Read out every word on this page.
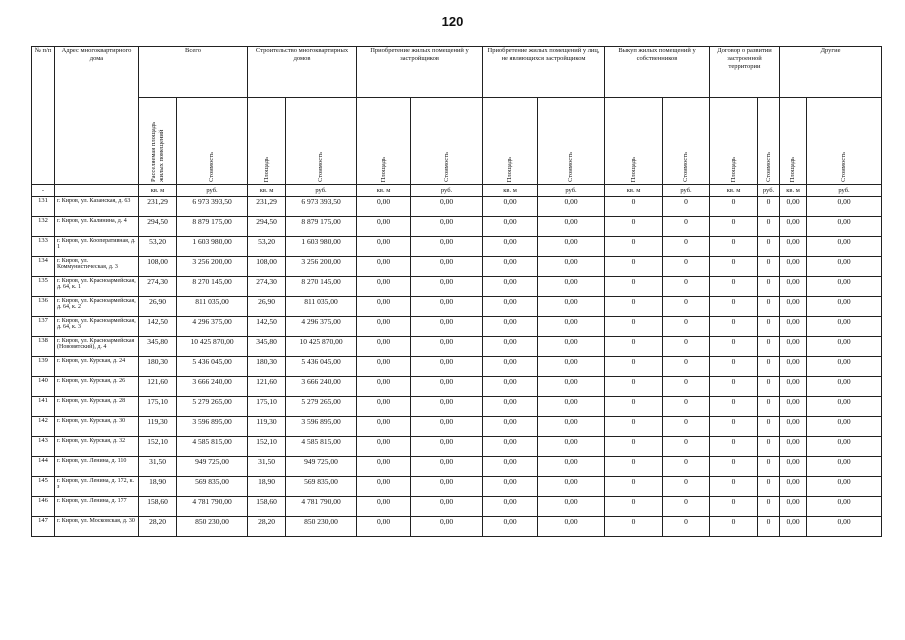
120
№ п/п	Адрес многоквартирного дома	Всего		Строительство многоквартирных домов		Приобретение жилых помещений у застройщиков		Приобретение жилых помещений у лиц, не являющихся застройщиком		Выкуп жилых помещений у собственников		Договор о развитии застроенной территории		Другие	
		Расселяемая площадь жилых помещений	Стоимость	Площадь	Стоимость	Площадь	Стоимость	Площадь	Стоимость	Площадь	Стоимость	Площадь	Стоимость	Площадь	Стоимость
-		кв. м	руб.	кв. м	руб.	кв. м	руб.	кв. м	руб.	кв. м	руб.	кв. м	руб.	кв. м	руб.
131	г. Киров, ул. Казанская, д. 63	231,29	6 973 393,50	231,29	6 973 393,50	0,00	0,00	0,00	0,00	0	0	0	0	0,00	0,00
132	г. Киров, ул. Калинина, д. 4	294,50	8 879 175,00	294,50	8 879 175,00	0,00	0,00	0,00	0,00	0	0	0	0	0,00	0,00
133	г. Киров, ул. Кооперативная, д. 1	53,20	1 603 980,00	53,20	1 603 980,00	0,00	0,00	0,00	0,00	0	0	0	0	0,00	0,00
134	г. Киров, ул. Коммунистическая, д. 3	108,00	3 256 200,00	108,00	3 256 200,00	0,00	0,00	0,00	0,00	0	0	0	0	0,00	0,00
135	г. Киров, ул. Красноармейская, д. 64, к. 1	274,30	8 270 145,00	274,30	8 270 145,00	0,00	0,00	0,00	0,00	0	0	0	0	0,00	0,00
136	г. Киров, ул. Красноармейская, д. 64, к. 2	26,90	811 035,00	26,90	811 035,00	0,00	0,00	0,00	0,00	0	0	0	0	0,00	0,00
137	г. Киров, ул. Красноармейская, д. 64, к. 3	142,50	4 296 375,00	142,50	4 296 375,00	0,00	0,00	0,00	0,00	0	0	0	0	0,00	0,00
138	г. Киров, ул. Красноармейская (Нововятский), д. 4	345,80	10 425 870,00	345,80	10 425 870,00	0,00	0,00	0,00	0,00	0	0	0	0	0,00	0,00
139	г. Киров, ул. Курская, д. 24	180,30	5 436 045,00	180,30	5 436 045,00	0,00	0,00	0,00	0,00	0	0	0	0	0,00	0,00
140	г. Киров, ул. Курская, д. 26	121,60	3 666 240,00	121,60	3 666 240,00	0,00	0,00	0,00	0,00	0	0	0	0	0,00	0,00
141	г. Киров, ул. Курская, д. 28	175,10	5 279 265,00	175,10	5 279 265,00	0,00	0,00	0,00	0,00	0	0	0	0	0,00	0,00
142	г. Киров, ул. Курская, д. 30	119,30	3 596 895,00	119,30	3 596 895,00	0,00	0,00	0,00	0,00	0	0	0	0	0,00	0,00
143	г. Киров, ул. Курская, д. 32	152,10	4 585 815,00	152,10	4 585 815,00	0,00	0,00	0,00	0,00	0	0	0	0	0,00	0,00
144	г. Киров, ул. Ленина, д. 110	31,50	949 725,00	31,50	949 725,00	0,00	0,00	0,00	0,00	0	0	0	0	0,00	0,00
145	г. Киров, ул. Ленина, д. 172, к. з	18,90	569 835,00	18,90	569 835,00	0,00	0,00	0,00	0,00	0	0	0	0	0,00	0,00
146	г. Киров, ул. Ленина, д. 177	158,60	4 781 790,00	158,60	4 781 790,00	0,00	0,00	0,00	0,00	0	0	0	0	0,00	0,00
147	г. Киров, ул. Московская, д. 30	28,20	850 230,00	28,20	850 230,00	0,00	0,00	0,00	0,00	0	0	0	0	0,00	0,00
